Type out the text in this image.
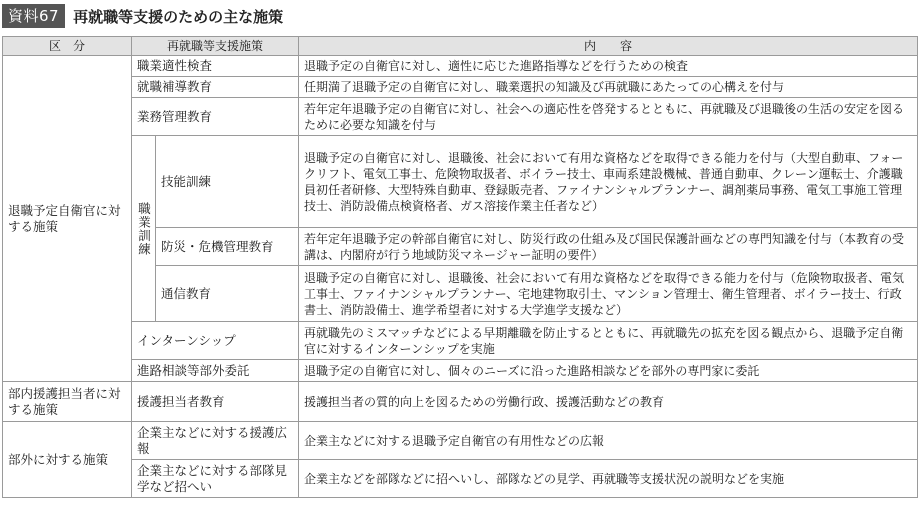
資料67 再就職等支援のための主な施策
区　分	再就職等支援施策		内　　容
退職予定自衛官に対する施策	職業適性検査		退職予定の自衛官に対し、適性に応じた進路指導などを行うための検査
	就職補導教育		任期満了退職予定の自衛官に対し、職業選択の知識及び再就職にあたっての心構えを付与
	業務管理教育		若年定年退職予定の自衛官に対し、社会への適応性を啓発するとともに、再就職及び退職後の生活の安定を図るために必要な知識を付与
	職業訓練	技能訓練	退職予定の自衛官に対し、退職後、社会において有用な資格などを取得できる能力を付与（大型自動車、フォークリフト、電気工事士、危険物取扱者、ボイラー技士、車両系建設機械、普通自動車、クレーン運転士、介護職員初任者研修、大型特殊自動車、登録販売者、ファイナンシャルプランナー、調剤薬局事務、電気工事施工管理技士、消防設備点検資格者、ガス溶接作業主任者など）
		防災・危機管理教育	若年定年退職予定の幹部自衛官に対し、防災行政の仕組み及び国民保護計画などの専門知識を付与（本教育の受講は、内閣府が行う地域防災マネージャー証明の要件）
		通信教育	退職予定の自衛官に対し、退職後、社会において有用な資格などを取得できる能力を付与（危険物取扱者、電気工事士、ファイナンシャルプランナー、宅地建物取引士、マンション管理士、衛生管理者、ボイラー技士、行政書士、消防設備士、進学希望者に対する大学進学支援など）
	インターンシップ		再就職先のミスマッチなどによる早期離職を防止するとともに、再就職先の拡充を図る観点から、退職予定自衛官に対するインターンシップを実施
	進路相談等部外委託		退職予定の自衛官に対し、個々のニーズに沿った進路相談などを部外の専門家に委託
部内援護担当者に対する施策	援護担当者教育		援護担当者の質的向上を図るための労働行政、援護活動などの教育
部外に対する施策	企業主などに対する援護広報		企業主などに対する退職予定自衛官の有用性などの広報
	企業主などに対する部隊見学など招へい		企業主などを部隊などに招へいし、部隊などの見学、再就職等支援状況の説明などを実施
